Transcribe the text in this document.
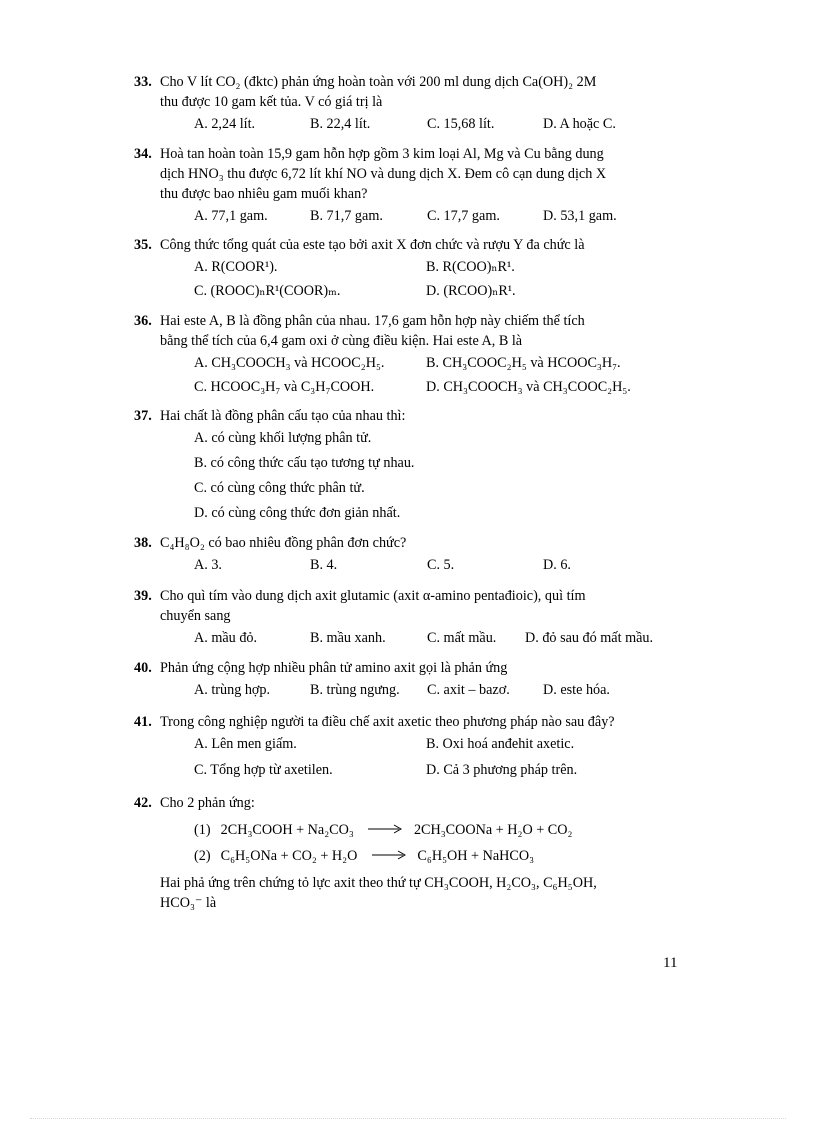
33. Cho V lít CO₂ (đktc) phản ứng hoàn toàn với 200 ml dung dịch Ca(OH)₂ 2M
thu được 10 gam kết tủa. V có giá trị là
A. 2,24 lít.	B. 22,4 lít.	C. 15,68 lít.	D. A hoặc C.
34. Hoà tan hoàn toàn 15,9 gam hỗn hợp gồm 3 kim loại Al, Mg và Cu bằng dung
dịch HNO₃ thu được 6,72 lít khí NO và dung dịch X. Đem cô cạn dung dịch X
thu được bao nhiêu gam muối khan?
A. 77,1 gam.	B. 71,7 gam.	C. 17,7 gam.	D. 53,1 gam.
35. Công thức tổng quát của este tạo bởi axit X đơn chức và rượu Y đa chức là
A. R(COOR¹).	B. R(COO)ₙR¹.
C. (ROOC)ₙR¹(COOR)ₘ.	D. (RCOO)ₙR¹.
36. Hai este A, B là đồng phân của nhau. 17,6 gam hỗn hợp này chiếm thể tích
bằng thể tích của 6,4 gam oxi ở cùng điều kiện. Hai este A, B là
A. CH₃COOCH₃ và HCOOC₂H₅.	B. CH₃COOC₂H₅ và HCOOC₃H₇.
C. HCOOC₃H₇ và C₃H₇COOH.	D. CH₃COOCH₃ và CH₃COOC₂H₅.
37. Hai chất là đồng phân cấu tạo của nhau thì:
A. có cùng khối lượng phân tử.
B. có công thức cấu tạo tương tự nhau.
C. có cùng công thức phân tử.
D. có cùng công thức đơn giản nhất.
38. C₄H₈O₂ có bao nhiêu đồng phân đơn chức?
A. 3.	B. 4.	C. 5.	D. 6.
39. Cho quì tím vào dung dịch axit glutamic (axit α-amino pentađioic), quì tím
chuyển sang
A. mầu đỏ.	B. mầu xanh.	C. mất mầu. D. đỏ sau đó mất mầu.
40. Phản ứng cộng hợp nhiều phân tử amino axit gọi là phản ứng
A. trùng hợp.	B. trùng ngưng. C. axit – bazơ. D. este hóa.
41. Trong công nghiệp người ta điều chế axit axetic theo phương pháp nào sau đây?
A. Lên men giấm.	B. Oxi hoá anđehit axetic.
C. Tổng hợp từ axetilen.	D. Cả 3 phương pháp trên.
42. Cho 2 phản ứng:
(1) 2CH₃COOH + Na₂CO₃	2CH₃COONa + H₂O + CO₂
(2) C₆H₅ONa + CO₂ + H₂O	C₆H₅OH + NaHCO₃
Hai phả ứng trên chứng tỏ lực axit theo thứ tự CH₃COOH, H₂CO₃, C₆H₅OH,
HCO₃⁻ là
11
